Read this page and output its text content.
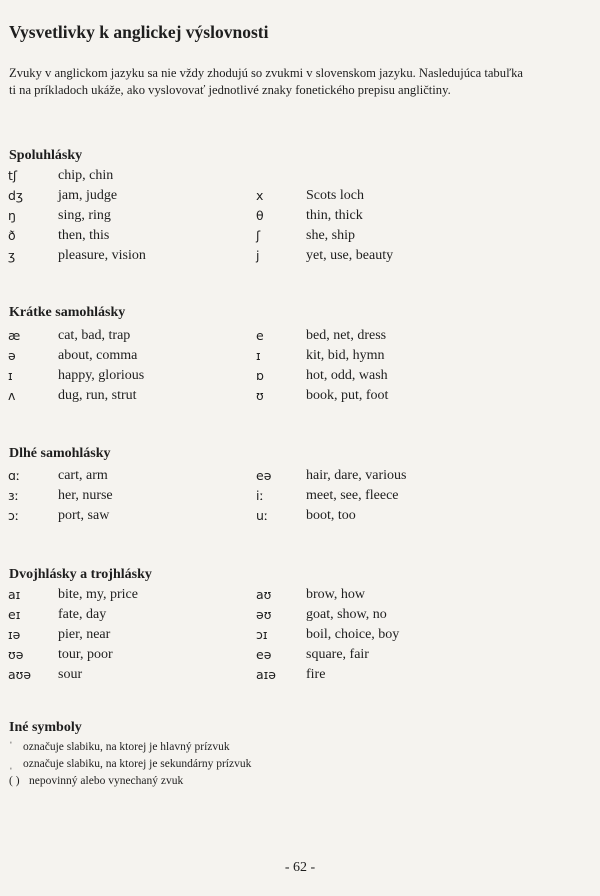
Vysvetlivky k anglickej výslovnosti
Zvuky v anglickom jazyku sa nie vždy zhodujú so zvukmi v slovenskom jazyku. Nasledujúca tabuľka ti na príkladoch ukáže, ako vyslovovať jednotlivé znaky fonetického prepisu angličtiny.
Spoluhlásky
tʃ	chip, chin
dʒ jam, judge	x	Scots loch
ŋ	sing, ring	θ	thin, thick
ð	then, this	ʃ	she, ship
ʒ	pleasure, vision	j	yet, use, beauty
Krátke samohlásky
æ	cat, bad, trap	e	bed, net, dress
ə	about, comma	ɪ	kit, bid, hymn
ɪ	happy, glorious	ɒ	hot, odd, wash
ʌ	dug, run, strut	ʊ	book, put, foot
Dlhé samohlásky
ɑː	cart, arm	eə hair, dare, various
ɜː	her, nurse	iː	meet, see, fleece
ɔː	port, saw	uː	boot, too
Dvojhlásky a trojhlásky
aɪ	bite, my, price	aʊ brow, how
eɪ	fate, day	əʊ goat, show, no
ɪə	pier, near	ɔɪ	boil, choice, boy
ʊə tour, poor	eə square, fair
aʊə sour	aɪə fire
Iné symboly
ˈ označuje slabiku, na ktorej je hlavný prízvuk
ˌ označuje slabiku, na ktorej je sekundárny prízvuk
( ) nepovinný alebo vynechaný zvuk
- 62 -
